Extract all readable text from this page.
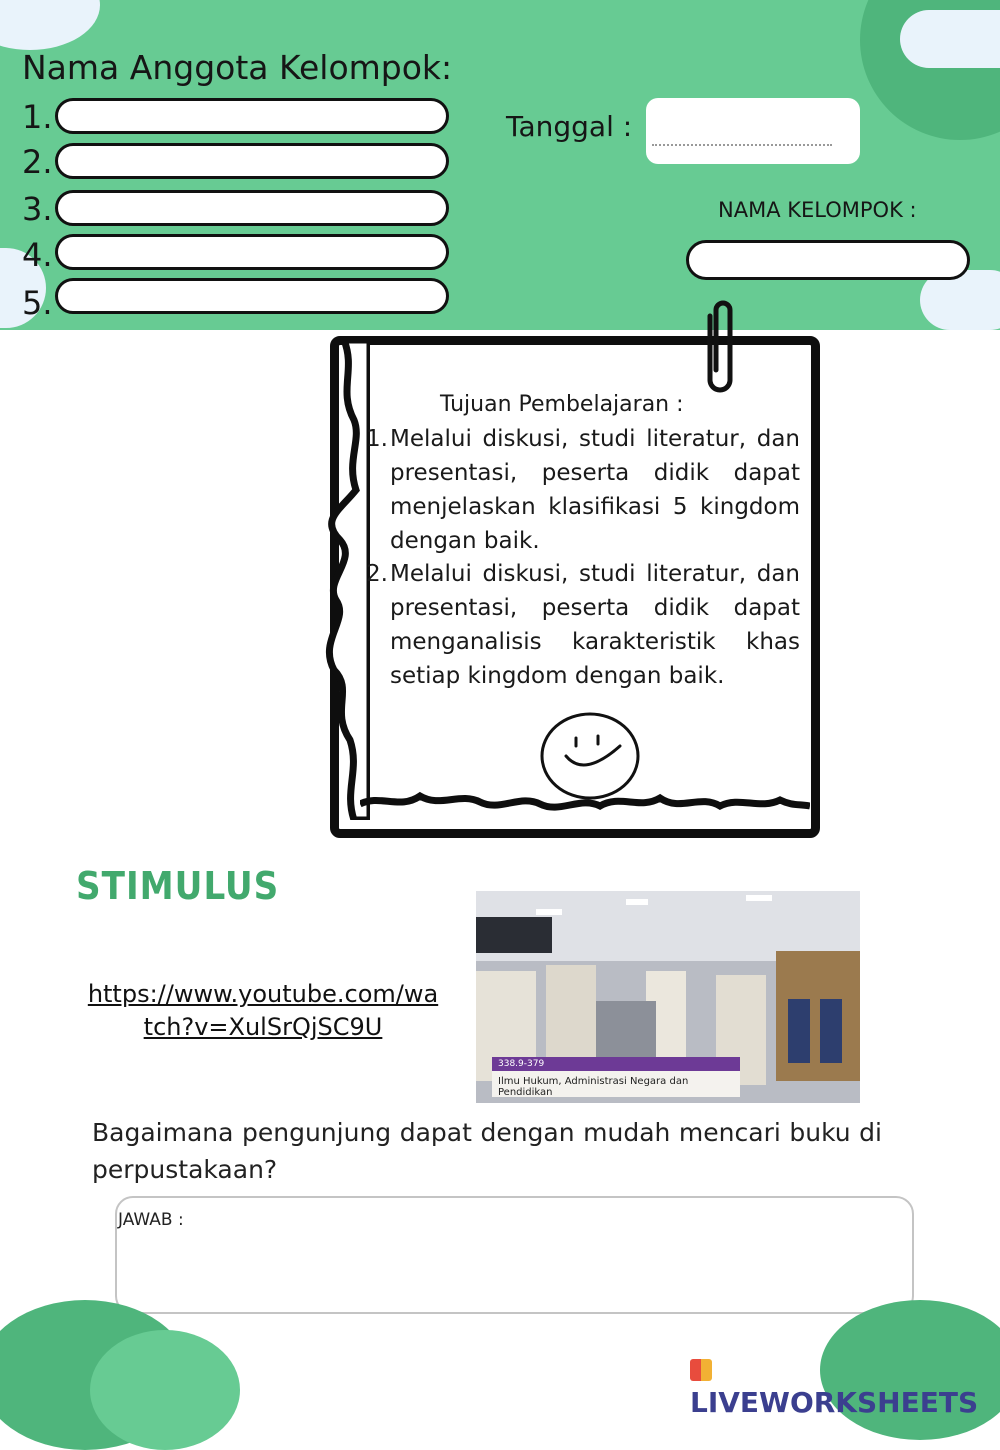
Nama Anggota Kelompok:
1.
2.
3.
4.
5.
Tanggal :
NAMA KELOMPOK :
Tujuan Pembelajaran :
1. Melalui diskusi, studi literatur, dan presentasi, peserta didik dapat menjelaskan klasifikasi 5 kingdom dengan baik.
2. Melalui diskusi, studi literatur, dan presentasi, peserta didik dapat menganalisis karakteristik khas setiap kingdom dengan baik.
STIMULUS
https://www.youtube.com/wa
tch?v=XulSrQjSC9U
338.9-379
Ilmu Hukum, Administrasi Negara dan Pendidikan
Bagaimana pengunjung dapat dengan mudah mencari buku di perpustakaan?
JAWAB :
LIVEWORKSHEETS
